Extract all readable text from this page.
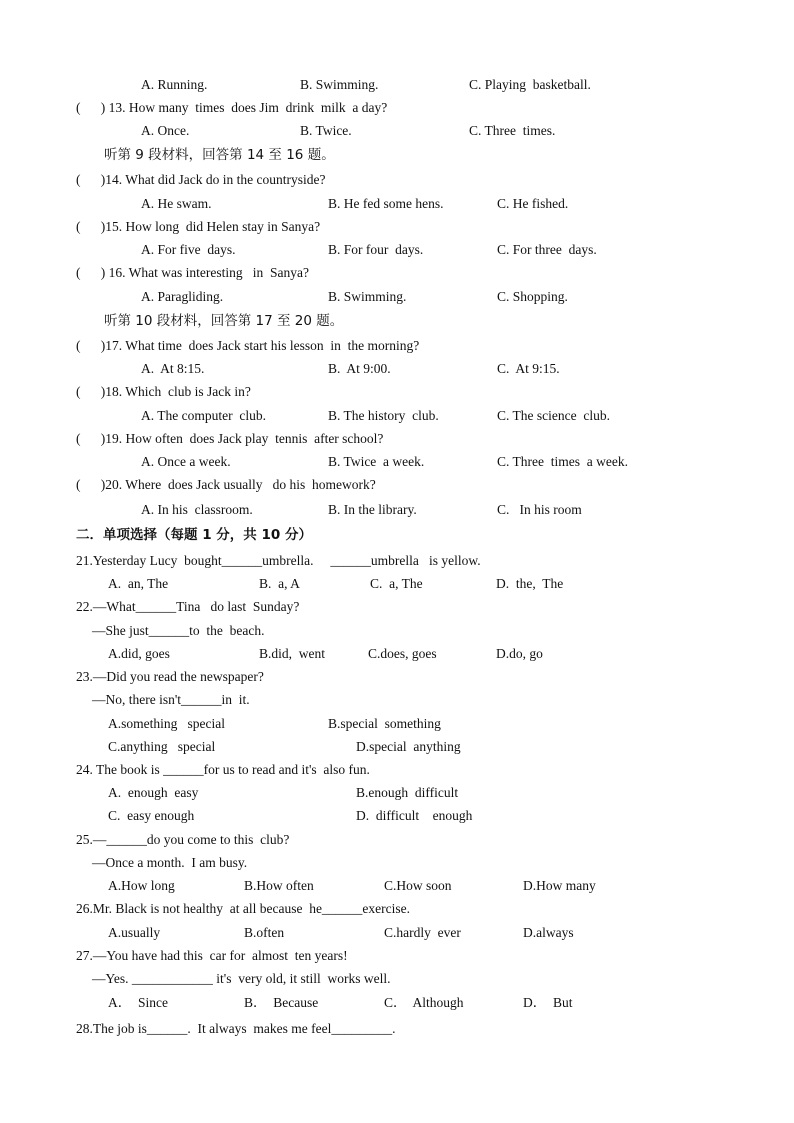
A. Running.	B. Swimming.	C. Playing  basketball.
(      ) 13. How many  times  does Jim  drink  milk  a day?
A. Once.	B. Twice.	C. Three  times.
听第 9 段材料，回答第 14 至 16 题。
(      )14. What did Jack do in the countryside?
A. He swam.	B. He fed some hens.	C. He fished.
(      )15. How long  did Helen stay in Sanya?
A. For five  days.	B. For four  days.	C. For three  days.
(      ) 16. What was interesting   in  Sanya?
A. Paragliding.	B. Swimming.	C. Shopping.
听第 10 段材料，回答第 17 至 20 题。
(      )17. What time  does Jack start his lesson  in  the morning?
A.  At 8:15.	B.  At 9:00.	C.  At 9:15.
(      )18. Which  club is Jack in?
A. The computer  club.	B. The history  club.	C. The science  club.
(      )19. How often  does Jack play  tennis  after school?
A. Once a week.	B. Twice  a week.	C. Three  times  a week.
(      )20. Where  does Jack usually   do his  homework?
A. In his  classroom.	B. In the library.	C.   In his room
二．单项选择（每题 1 分，共 10 分）
21.Yesterday Lucy  bought______umbrella.     ______umbrella   is yellow.
A.  an, The	B.  a, A	C.  a, The	D.  the,  The
22.—What______Tina   do last  Sunday?
—She just______to  the  beach.
A.did, goes	B.did,  went	C.does, goes	D.do, go
23.—Did you read the newspaper?
—No, there isn't______in  it.
A.something   special	B.special  something
C.anything   special	D.special  anything
24. The book is ______for us to read and it's  also fun.
A.  enough  easy	B.enough  difficult
C.  easy enough	D.  difficult    enough
25.—______do you come to this  club?
—Once a month.  I am busy.
A.How long	B.How often	C.How soon	D.How many
26.Mr. Black is not healthy  at all because  he______exercise.
A.usually	B.often	C.hardly  ever	D.always
27.—You have had this  car for  almost  ten years!
—Yes. ____________ it's  very old, it still  works well.
A．  Since	B．  Because	C．  Although	D．  But
28.The job is______.  It always  makes me feel_________.
